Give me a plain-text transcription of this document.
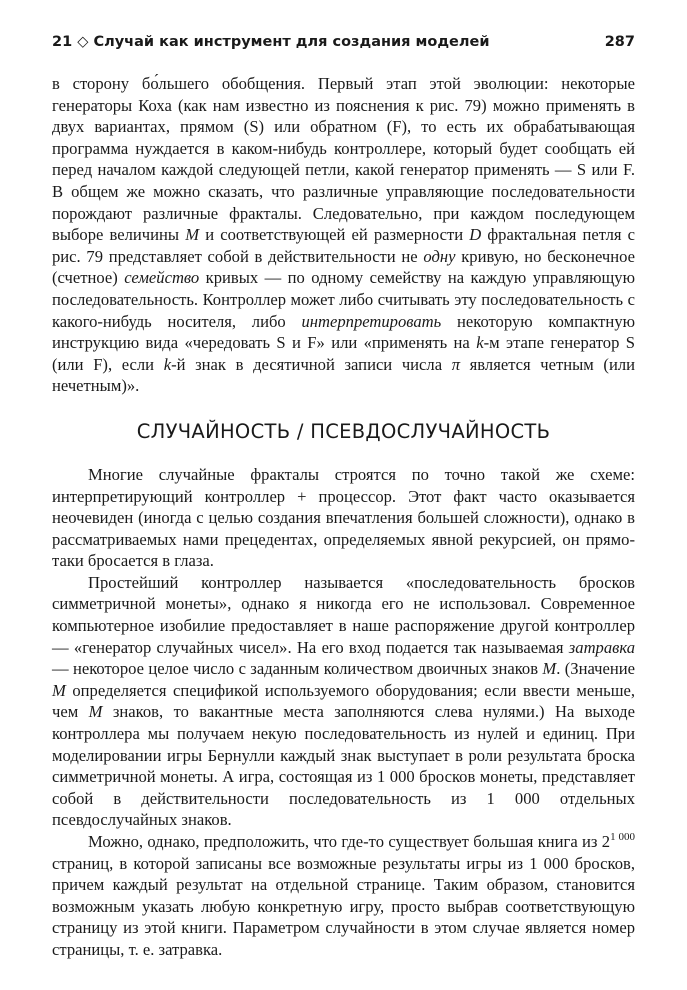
21 ◇ Случай как инструмент для создания моделей	287

в сторону бо́льшего обобщения. Первый этап этой эволюции: некоторые генераторы Коха (как нам известно из пояснения к рис. 79) можно применять в двух вариантах, прямом (S) или обратном (F), то есть их обрабатывающая программа нуждается в каком-нибудь контроллере, который будет сообщать ей перед началом каждой следующей петли, какой генератор применять — S или F. В общем же можно сказать, что различные управляющие последовательности порождают различные фракталы. Следовательно, при каждом последующем выборе величины M и соответствующей ей размерности D фрактальная петля с рис. 79 представляет собой в действительности не одну кривую, но бесконечное (счетное) семейство кривых — по одному семейству на каждую управляющую последовательность. Контроллер может либо считывать эту последовательность с какого-нибудь носителя, либо интерпретировать некоторую компактную инструкцию вида «чередовать S и F» или «применять на k-м этапе генератор S (или F), если k-й знак в десятичной записи числа π является четным (или нечетным)».

СЛУЧАЙНОСТЬ / ПСЕВДОСЛУЧАЙНОСТЬ

Многие случайные фракталы строятся по точно такой же схеме: интерпретирующий контроллер + процессор. Этот факт часто оказывается неочевиден (иногда с целью создания впечатления большей сложности), однако в рассматриваемых нами прецедентах, определяемых явной рекурсией, он прямо-таки бросается в глаза.

Простейший контроллер называется «последовательность бросков симметричной монеты», однако я никогда его не использовал. Современное компьютерное изобилие предоставляет в наше распоряжение другой контроллер — «генератор случайных чисел». На его вход подается так называемая затравка — некоторое целое число с заданным количеством двоичных знаков M. (Значение M определяется спецификой используемого оборудования; если ввести меньше, чем M знаков, то вакантные места заполняются слева нулями.) На выходе контроллера мы получаем некую последовательность из нулей и единиц. При моделировании игры Бернулли каждый знак выступает в роли результата броска симметричной монеты. А игра, состоящая из 1 000 бросков монеты, представляет собой в действительности последовательность из 1 000 отдельных псевдослучайных знаков.

Можно, однако, предположить, что где-то существует большая книга из $2^{1 000}$ страниц, в которой записаны все возможные результаты игры из 1 000 бросков, причем каждый результат на отдельной странице. Таким образом, становится возможным указать любую конкретную игру, просто выбрав соответствующую страницу из этой книги. Параметром случайности в этом случае является номер страницы, т. е. затравка.
